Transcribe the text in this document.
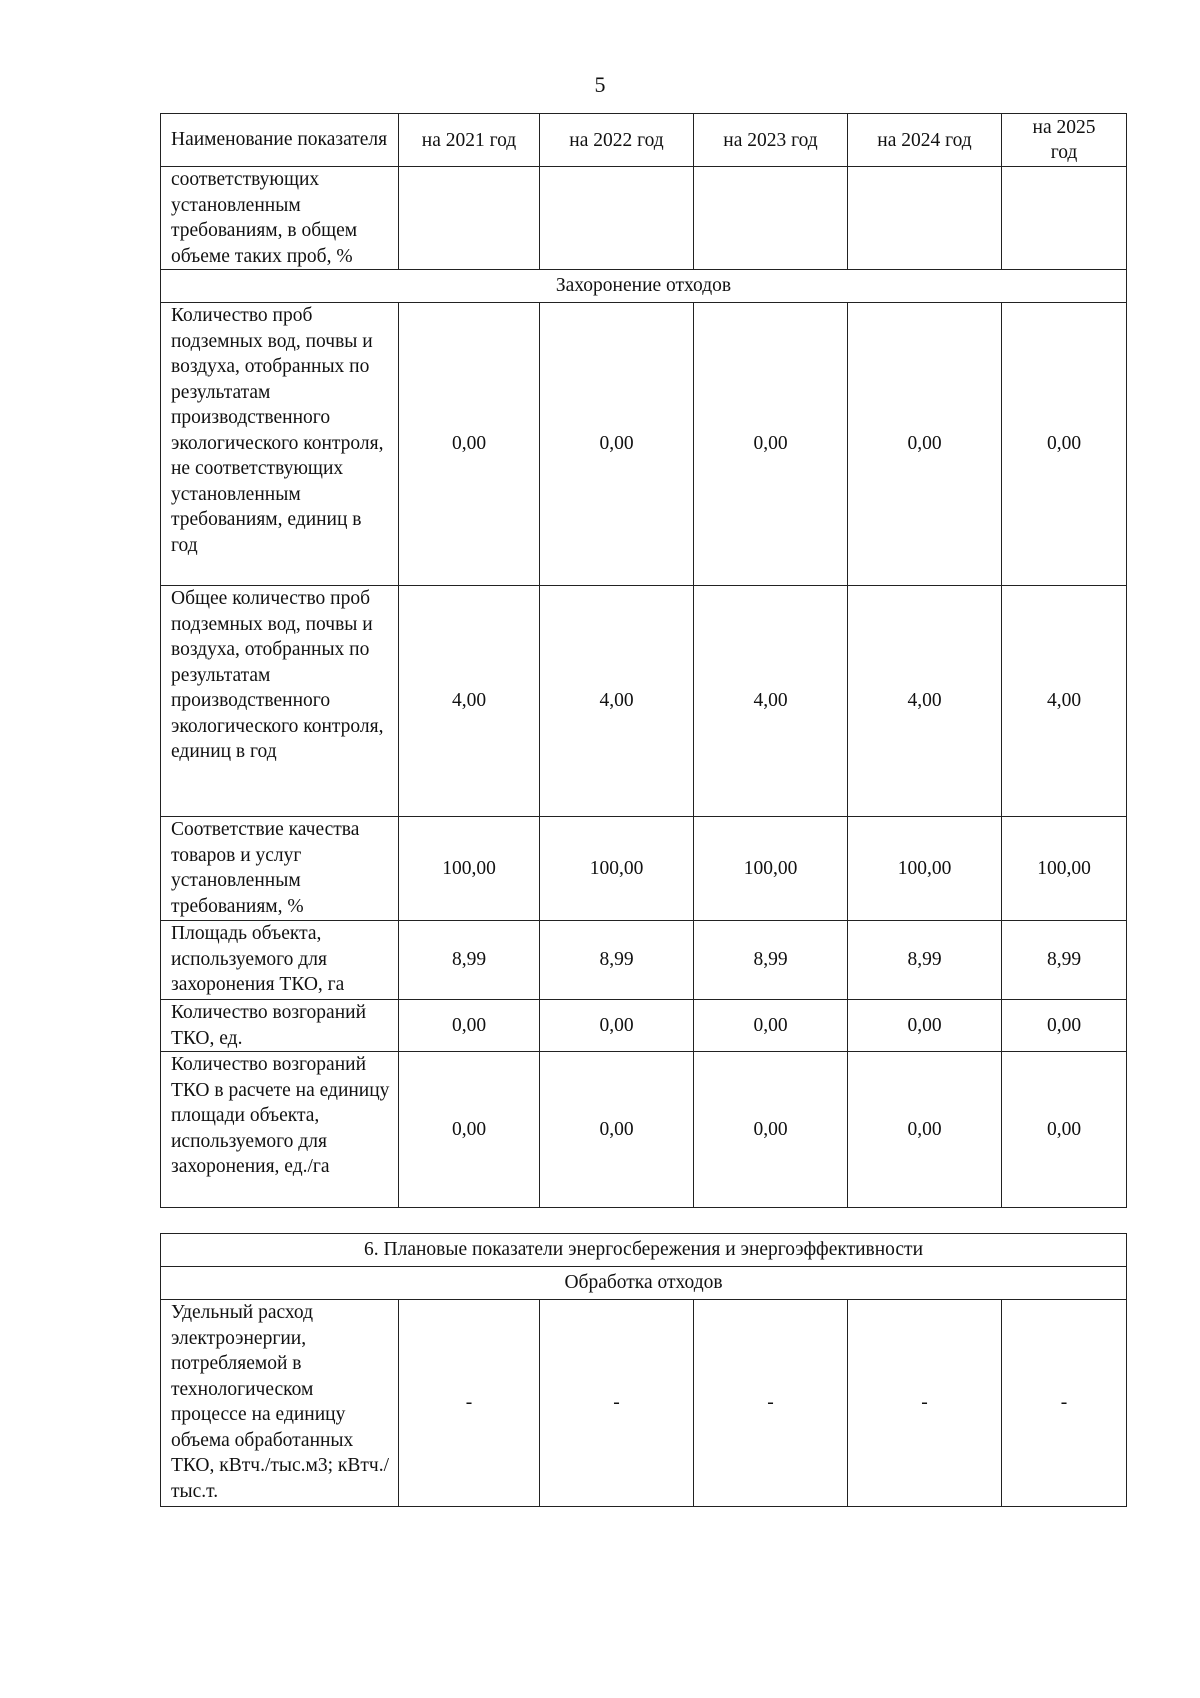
5
Наименование показателя	на 2021 год	на 2022 год	на 2023 год	на 2024 год	на 2025 год
соответствующих установленным требованиям, в общем объеме таких проб, %					
Захоронение отходов					
Количество проб подземных вод, почвы и воздуха, отобранных по результатам производственного экологического контроля, не соответствующих установленным требованиям, единиц в год	0,00	0,00	0,00	0,00	0,00
Общее количество проб подземных вод, почвы и воздуха, отобранных по результатам производственного экологического контроля, единиц в год	4,00	4,00	4,00	4,00	4,00
Соответствие качества товаров и услуг установленным требованиям, %	100,00	100,00	100,00	100,00	100,00
Площадь объекта, используемого для захоронения ТКО, га	8,99	8,99	8,99	8,99	8,99
Количество возгораний ТКО, ед.	0,00	0,00	0,00	0,00	0,00
Количество возгораний ТКО в расчете на единицу площади объекта, используемого для захоронения, ед./га	0,00	0,00	0,00	0,00	0,00
6. Плановые показатели энергосбережения и энергоэффективности
Обработка отходов
Удельный расход электроэнергии, потребляемой в технологическом процессе на единицу объема обработанных ТКО, кВтч./тыс.м3; кВтч./тыс.т.	-	-	-	-	-
